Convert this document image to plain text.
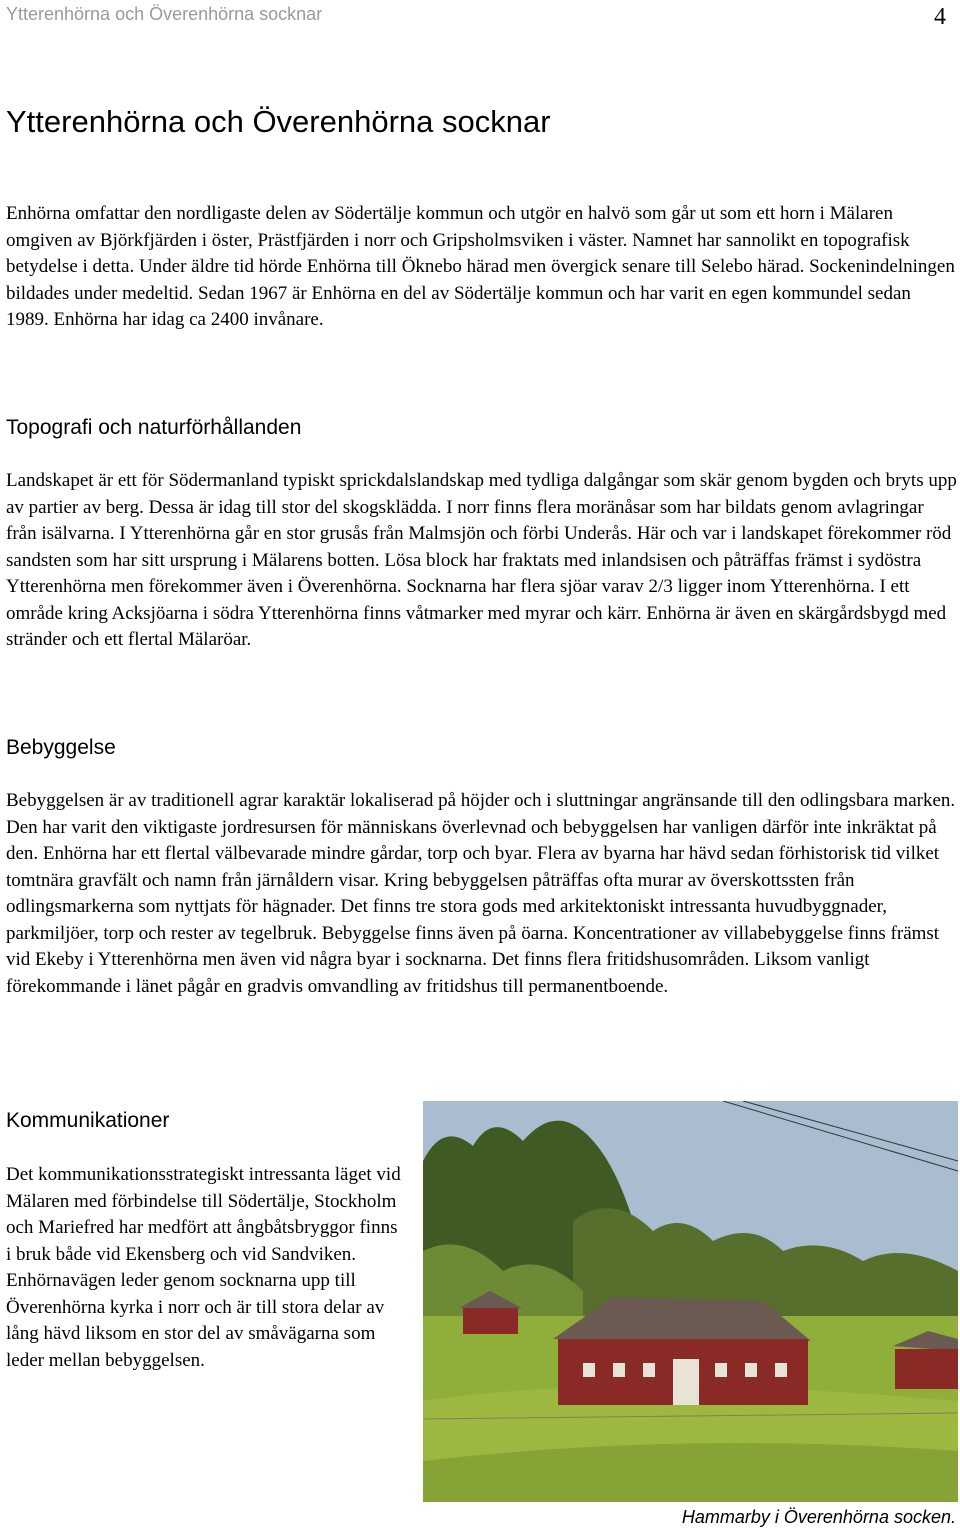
Ytterenhörna och Överenhörna socknar	4
Ytterenhörna och Överenhörna socknar

Enhörna omfattar den nordligaste delen av Södertälje kommun och utgör en halvö som går ut som ett horn i Mälaren omgiven av Björkfjärden i öster, Prästfjärden i norr och Gripsholmsviken i väster. Namnet har sannolikt en topografisk betydelse i detta. Under äldre tid hörde Enhörna till Öknebo härad men övergick senare till Selebo härad. Sockenindelningen bildades under medeltid. Sedan 1967 är Enhörna en del av Södertälje kommun och har varit en egen kommundel sedan 1989. Enhörna har idag ca 2400 invånare.

Topografi och naturförhållanden

Landskapet är ett för Södermanland typiskt sprickdalslandskap med tydliga dalgångar som skär genom bygden och bryts upp av partier av berg. Dessa är idag till stor del skogsklädda. I norr finns flera moränåsar som har bildats genom avlagringar från isälvarna. I Ytterenhörna går en stor grusås från Malmsjön och förbi Underås. Här och var i landskapet förekommer röd sandsten som har sitt ursprung i Mälarens botten. Lösa block har fraktats med inlandsisen och påträffas främst i sydöstra Ytterenhörna men förekommer även i Överenhörna. Socknarna har flera sjöar varav 2/3 ligger inom Ytterenhörna. I ett område kring Acksjöarna i södra Ytterenhörna finns våtmarker med myrar och kärr. Enhörna är även en skärgårdsbygd med stränder och ett flertal Mälaröar.

Bebyggelse

Bebyggelsen är av traditionell agrar karaktär lokaliserad på höjder och i sluttningar angränsande till den odlingsbara marken. Den har varit den viktigaste jordresursen för människans överlevnad och bebyggelsen har vanligen därför inte inkräktat på den. Enhörna har ett flertal välbevarade mindre gårdar, torp och byar. Flera av byarna har hävd sedan förhistorisk tid vilket tomtnära gravfält och namn från järnåldern visar. Kring bebyggelsen påträffas ofta murar av överskottssten från odlingsmarkerna som nyttjats för hägnader. Det finns tre stora gods med arkitektoniskt intressanta huvudbyggnader, parkmiljöer, torp och rester av tegelbruk. Bebyggelse finns även på öarna. Koncentrationer av villabebyggelse finns främst vid Ekeby i Ytterenhörna men även vid några byar i socknarna. Det finns flera fritidshusområden. Liksom vanligt förekommande i länet pågår en gradvis omvandling av fritidshus till permanentboende.

Kommunikationer

Det kommunikationsstrategiskt intressanta läget vid Mälaren med förbindelse till Södertälje, Stockholm och Mariefred har medfört att ångbåtsbryggor finns i bruk både vid Ekensberg och vid Sandviken. Enhörnavägen leder genom socknarna upp till Överenhörna kyrka i norr och är till stora delar av lång hävd liksom en stor del av småvägarna som leder mellan bebyggelsen.

Hammarby i Överenhörna socken.
